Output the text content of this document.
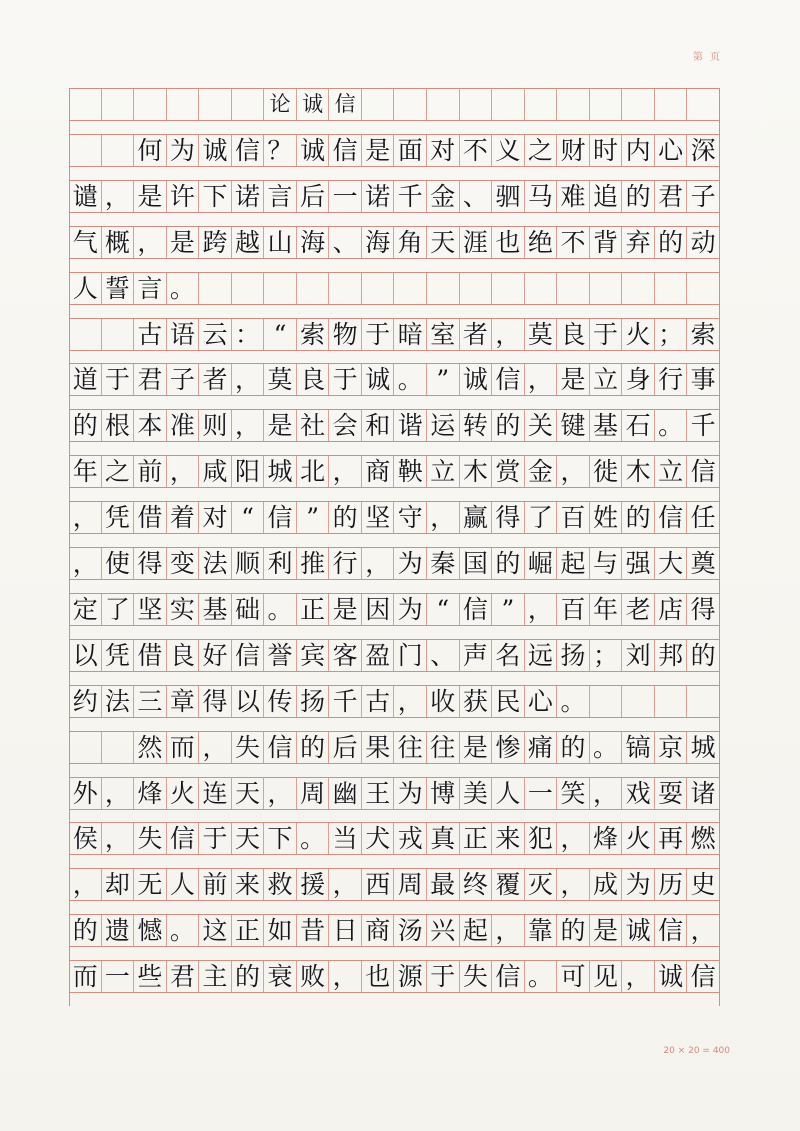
第 页
论 诚 信
何 为 诚 信 ？ 诚 信 是 面 对 不 义 之 财 时 内 心 深
谴 ， 是 许 下 诺 言 后 一 诺 千 金 、 驷 马 难 追 的 君 子
气 概 ， 是 跨 越 山 海 、 海 角 天 涯 也 绝 不 背 弃 的 动
人 誓 言 。
古 语 云 ： “ 索 物 于 暗 室 者 ， 莫 良 于 火 ； 索
道 于 君 子 者 ， 莫 良 于 诚 。 ” 诚 信 ， 是 立 身 行 事
的 根 本 准 则 ， 是 社 会 和 谐 运 转 的 关 键 基 石 。 千
年 之 前 ， 咸 阳 城 北 ， 商 鞅 立 木 赏 金 ， 徙 木 立 信
， 凭 借 着 对 “ 信 ” 的 坚 守 ， 赢 得 了 百 姓 的 信 任
， 使 得 变 法 顺 利 推 行 ， 为 秦 国 的 崛 起 与 强 大 奠
定 了 坚 实 基 础 。 正 是 因 为 “ 信 ” ， 百 年 老 店 得
以 凭 借 良 好 信 誉 宾 客 盈 门 、 声 名 远 扬 ； 刘 邦 的
约 法 三 章 得 以 传 扬 千 古 ， 收 获 民 心 。
然 而 ， 失 信 的 后 果 往 往 是 惨 痛 的 。 镐 京 城
外 ， 烽 火 连 天 ， 周 幽 王 为 博 美 人 一 笑 ， 戏 耍 诸
侯 ， 失 信 于 天 下 。 当 犬 戎 真 正 来 犯 ， 烽 火 再 燃
， 却 无 人 前 来 救 援 ， 西 周 最 终 覆 灭 ， 成 为 历 史
的 遗 憾 。 这 正 如 昔 日 商 汤 兴 起 ， 靠 的 是 诚 信 ，
而 一 些 君 主 的 衰 败 ， 也 源 于 失 信 。 可 见 ， 诚 信
20 × 20 = 400
